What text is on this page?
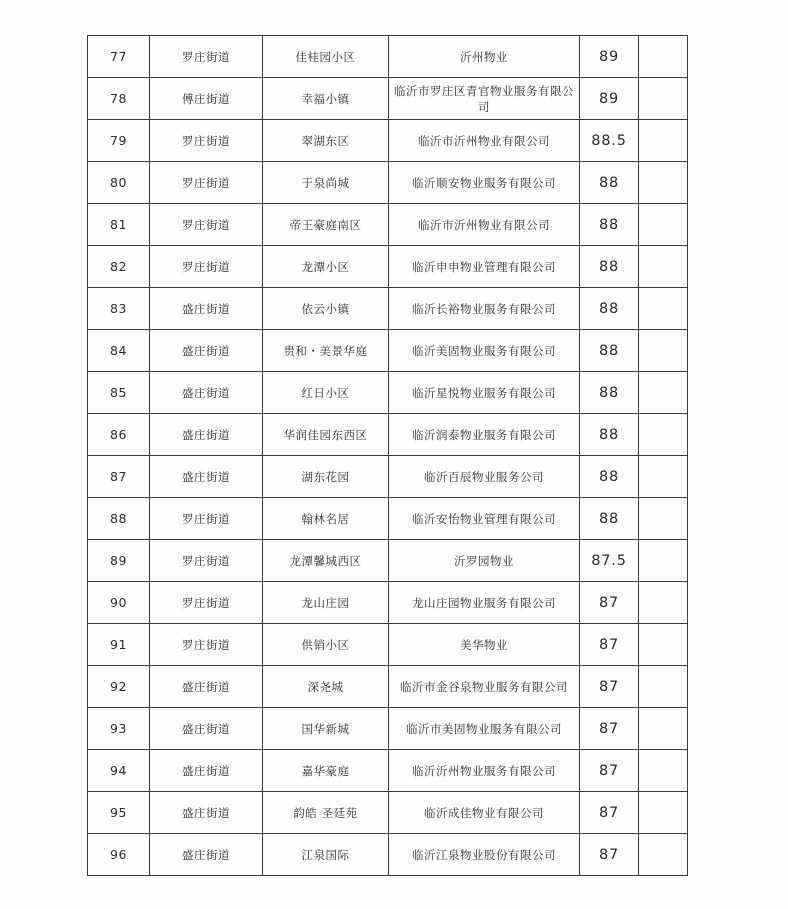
77	罗庄街道	佳桂园小区	沂州物业	89	
78	傅庄街道	幸福小镇	临沂市罗庄区青官物业服务有限公司	89	
79	罗庄街道	翠湖东区	临沂市沂州物业有限公司	88.5	
80	罗庄街道	于泉尚城	临沂顺安物业服务有限公司	88	
81	罗庄街道	帝王豪庭南区	临沂市沂州物业有限公司	88	
82	罗庄街道	龙潭小区	临沂申申物业管理有限公司	88	
83	盛庄街道	依云小镇	临沂长裕物业服务有限公司	88	
84	盛庄街道	贵和・美景华庭	临沂美固物业服务有限公司	88	
85	盛庄街道	红日小区	临沂星悦物业服务有限公司	88	
86	盛庄街道	华润佳园东西区	临沂润泰物业服务有限公司	88	
87	盛庄街道	湖东花园	临沂百辰物业服务公司	88	
88	罗庄街道	翰林名居	临沂安怡物业管理有限公司	88	
89	罗庄街道	龙潭馨城西区	沂罗园物业	87.5	
90	罗庄街道	龙山庄园	龙山庄园物业服务有限公司	87	
91	罗庄街道	供销小区	美华物业	87	
92	盛庄街道	深尧城	临沂市金谷泉物业服务有限公司	87	
93	盛庄街道	国华新城	临沂市美固物业服务有限公司	87	
94	盛庄街道	嘉华豪庭	临沂沂州物业服务有限公司	87	
95	盛庄街道	韵皓 圣廷苑	临沂成佳物业有限公司	87	
96	盛庄街道	江泉国际	临沂江泉物业股份有限公司	87	
